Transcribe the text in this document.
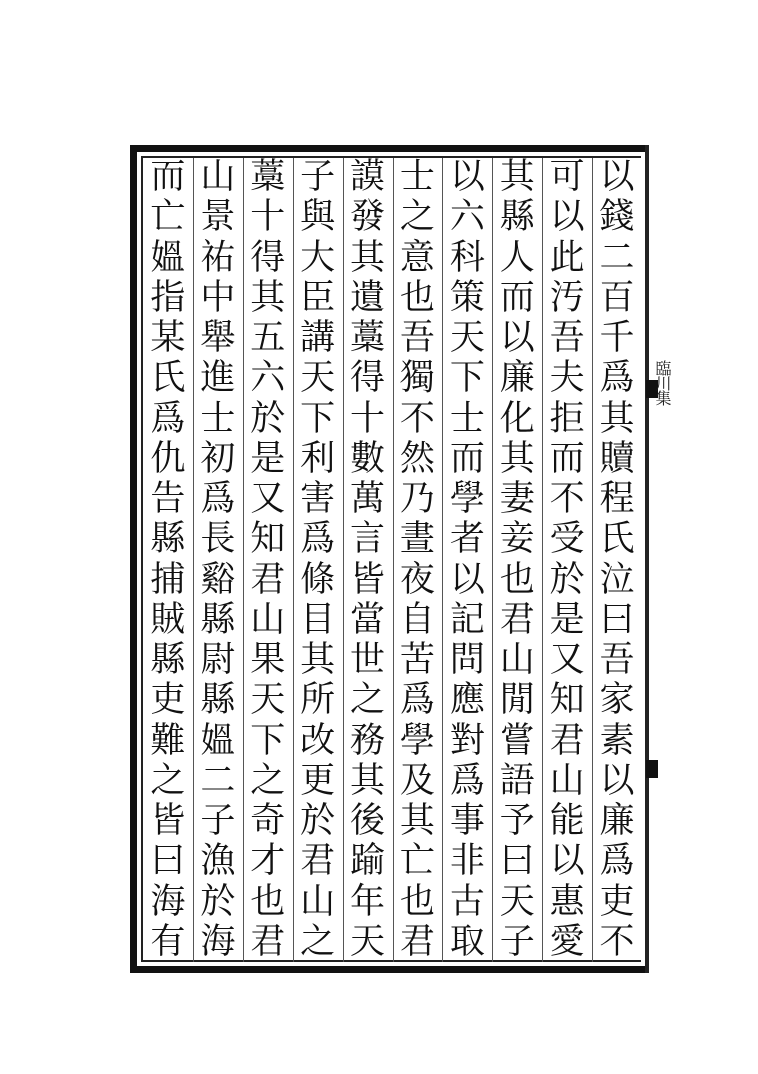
臨川集
以
錢
二
百
千
爲
其
贖
程
氏
泣
曰
吾
家
素
以
廉
爲
吏
不
可
以
此
汚
吾
夫
拒
而
不
受
於
是
又
知
君
山
能
以
惠
愛
其
縣
人
而
以
廉
化
其
妻
妾
也
君
山
閒
嘗
語
予
曰
天
子
以
六
科
策
天
下
士
而
學
者
以
記
問
應
對
爲
事
非
古
取
士
之
意
也
吾
獨
不
然
乃
晝
夜
自
苦
爲
學
及
其
亡
也
君
謨
發
其
遺
藁
得
十
數
萬
言
皆
當
世
之
務
其
後
踰
年
天
子
與
大
臣
講
天
下
利
害
爲
條
目
其
所
改
更
於
君
山
之
藁
十
得
其
五
六
於
是
又
知
君
山
果
天
下
之
奇
才
也
君
山
景
祐
中
舉
進
士
初
爲
長
谿
縣
尉
縣
媼
二
子
漁
於
海
而
亡
媼
指
某
氏
爲
仇
告
縣
捕
賊
縣
吏
難
之
皆
曰
海
有
